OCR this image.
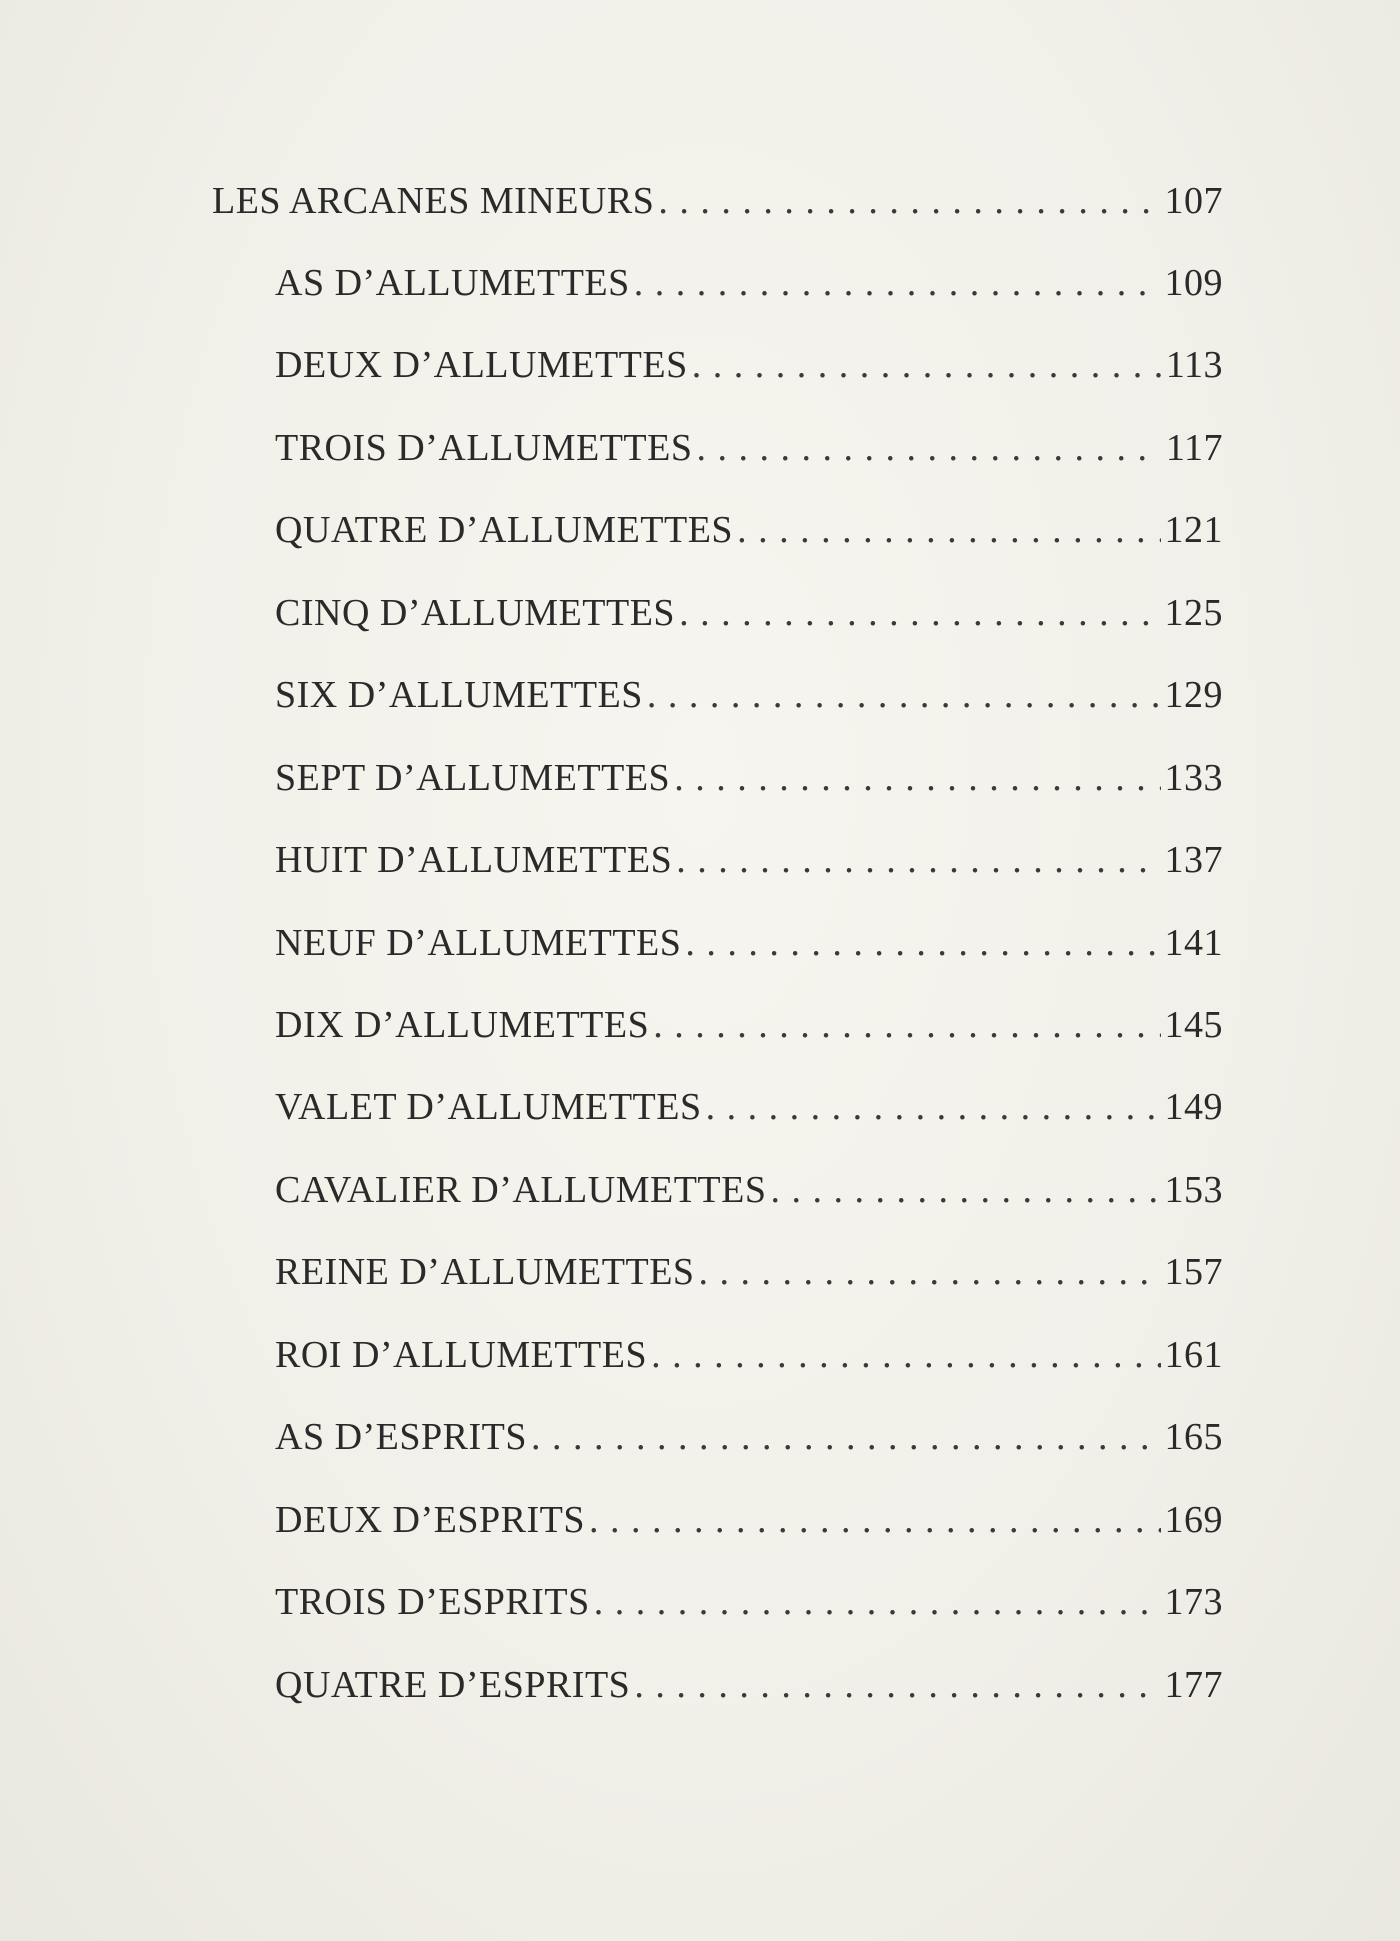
LES ARCANES MINEURS . . .	107
AS D’ALLUMETTES . . .	109
DEUX D’ALLUMETTES . . .	113
TROIS D’ALLUMETTES . . .	117
QUATRE D’ALLUMETTES . . .	121
CINQ D’ALLUMETTES . . .	125
SIX D’ALLUMETTES . . .	129
SEPT D’ALLUMETTES . . .	133
HUIT D’ALLUMETTES . . .	137
NEUF D’ALLUMETTES . . .	141
DIX D’ALLUMETTES . . .	145
VALET D’ALLUMETTES . . .	149
CAVALIER D’ALLUMETTES . . .	153
REINE D’ALLUMETTES . . .	157
ROI D’ALLUMETTES . . .	161
AS D’ESPRITS . . .	165
DEUX D’ESPRITS . . .	169
TROIS D’ESPRITS . . .	173
QUATRE D’ESPRITS . . .	177
